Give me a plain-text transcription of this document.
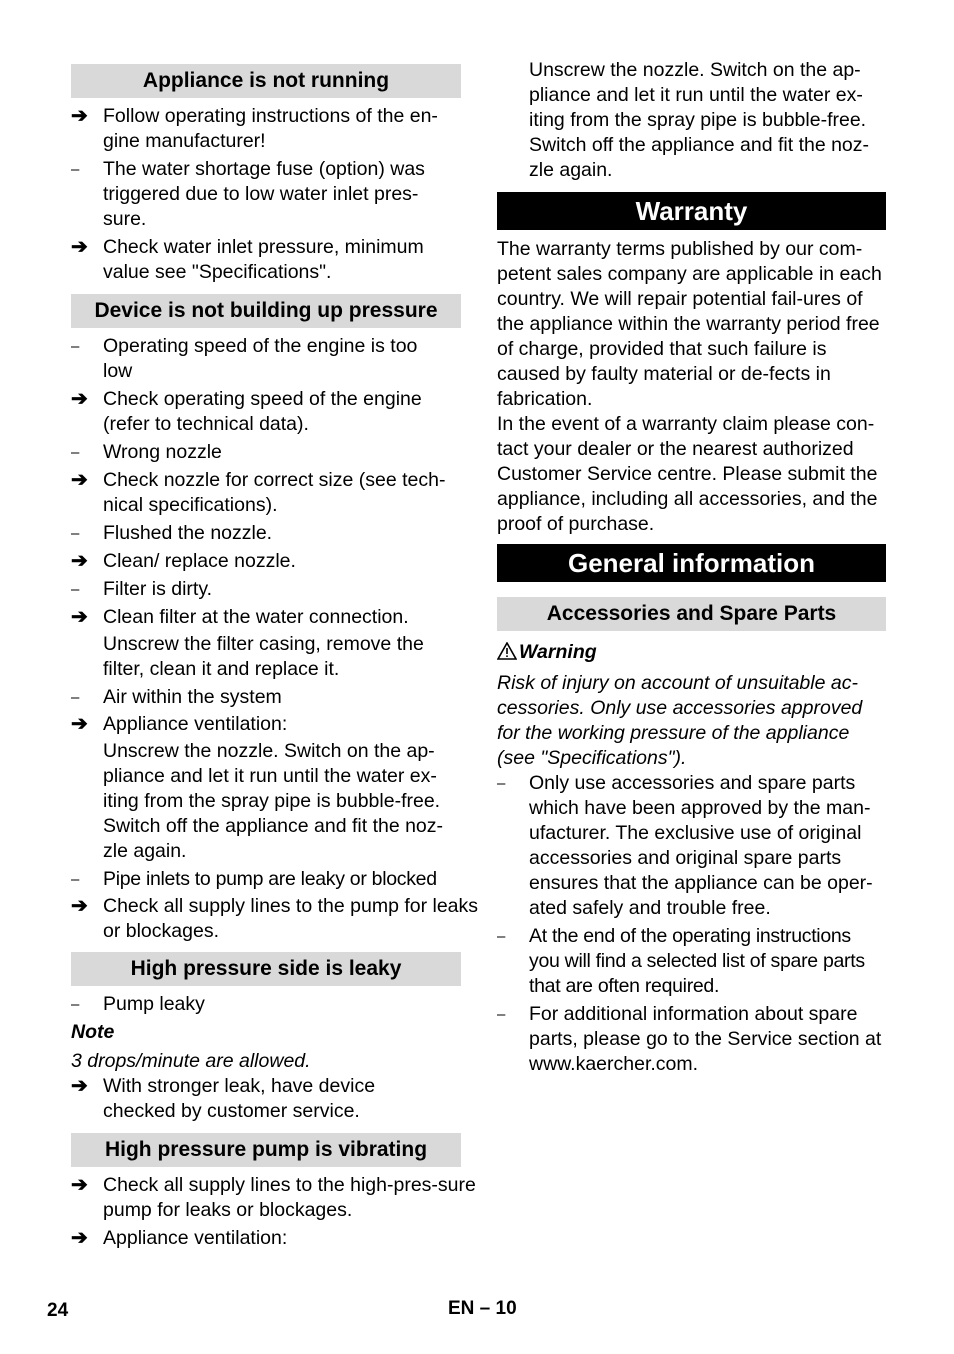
Appliance is not running
➔ Follow operating instructions of the en-gine manufacturer!
–	The water shortage fuse (option) was triggered due to low water inlet pres-sure.
➔ Check water inlet pressure, minimum value see "Specifications".
Device is not building up pressure
–	Operating speed of the engine is too low
➔ Check operating speed of the engine (refer to technical data).
–	Wrong nozzle
➔ Check nozzle for correct size (see tech-nical specifications).
–	Flushed the nozzle.
➔ Clean/ replace nozzle.
–	Filter is dirty.
➔ Clean filter at the water connection.
Unscrew the filter casing, remove the filter, clean it and replace it.
–	Air within the system
➔ Appliance ventilation:
Unscrew the nozzle. Switch on the ap-pliance and let it run until the water ex-iting from the spray pipe is bubble-free. Switch off the appliance and fit the noz-zle again.
–	Pipe inlets to pump are leaky or blocked
➔ Check all supply lines to the pump for leaks or blockages.
High pressure side is leaky
–	Pump leaky

Note

3 drops/minute are allowed.

➔ With stronger leak, have device checked by customer service.
High pressure pump is vibrating
➔ Check all supply lines to the high-pres-sure pump for leaks or blockages.
➔ Appliance ventilation:
Unscrew the nozzle. Switch on the ap-pliance and let it run until the water ex-iting from the spray pipe is bubble-free. Switch off the appliance and fit the noz-zle again.
Warranty

The warranty terms published by our com-petent sales company are applicable in each country. We will repair potential fail-ures of the appliance within the warranty period free of charge, provided that such failure is caused by faulty material or de-fects in fabrication.

In the event of a warranty claim please con-tact your dealer or the nearest authorized Customer Service centre. Please submit the appliance, including all accessories, and the proof of purchase.

General information
Accessories and Spare Parts

Warning

Risk of injury on account of unsuitable ac-cessories. Only use accessories approved for the working pressure of the appliance (see "Specifications").

–	Only use accessories and spare parts which have been approved by the man-ufacturer. The exclusive use of original accessories and original spare parts ensures that the appliance can be oper-ated safely and trouble free.
–	At the end of the operating instructions you will find a selected list of spare parts that are often required.
–	For additional information about spare parts, please go to the Service section at www.kaercher.com.
24	EN – 10
